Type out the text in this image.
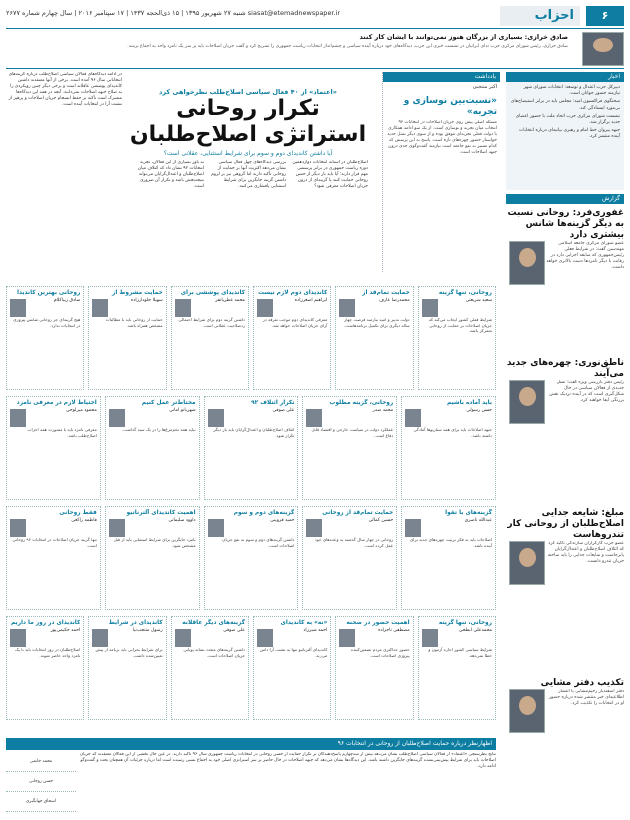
۶
احزاب
شنبه ۲۷ شهریور ۱۳۹۵ | ۱۵ ذی‌الحجه ۱۴۳۷ | ۱۷ سپتامبر ۲۰۱۶ | سال چهارم شماره ۲۶۷۷ siasat@etemadnewspaper.ir
صادق خرازی: بسیاری از بزرگان هنوز نمی‌توانند با ایشان کار کنند
صادق خرازی، رئیس شورای مرکزی حزب ندای ایرانیان در نشست خبری این حزب، دیدگاه‌های خود درباره آینده سیاسی و چشم‌انداز انتخابات ریاست جمهوری را تشریح کرد و گفت جریان اصلاحات باید بر سر یک نامزد واحد به اجماع برسد.
اخبار

دبیرکل حزب اعتدال و توسعه: انتخابات شورای شهر نیازمند حضور جوانان است.

سخنگوی فراکسیون امید: مجلس باید در برابر استیضاح‌های بی‌مورد ایستادگی کند.

نشست شورای مرکزی حزب اتحاد ملت با حضور اعضای جدید برگزار شد.

جبهه پیروان خط امام و رهبری بیانیه‌ای درباره انتخابات آینده منتشر کرد.

گزارش
غفوری‌فرد: روحانی نسبت به دیگر گزینه‌ها شانس بیشتری دارد
عضو شورای مرکزی جامعه اسلامی مهندسین گفت: در شرایط فعلی رئیس‌جمهوری که سابقه اجرایی دارد در رقابت با دیگر نامزدها دست بالاتری خواهد داشت.
ناطق‌نوری: چهره‌های جدید می‌آیند
رئیس دفتر بازرسی ویژه گفت: نسل جدیدی از فعالان سیاسی در حال شکل‌گیری است که در آینده نزدیک نقش پررنگی ایفا خواهند کرد.
مبلغ: شایعه جدایی اصلاح‌طلبان از روحانی کار تندروهاست
عضو حزب کارگزاران سازندگی تأکید کرد که ائتلاف اصلاح‌طلبان و اعتدال‌گرایان پابرجاست و شایعات جدایی را باید ساخته جریان تندرو دانست.
تکذیب دفتر مشایی
دفتر اسفندیار رحیم‌مشایی با انتشار اطلاعیه‌ای خبر منتشر شده درباره حضور او در انتخابات را تکذیب کرد.
یادداشت
اکبر منتجبی
«نسبت‌بین نوسازی و تجربه»
مسئله اصلی پیش روی جریان اصلاحات در انتخابات ۹۶ انتخاب میان تجربه و نوسازی است. از یک سو ادامه همکاری با دولت فعلی تجربه‌ای موفق بوده و از سوی دیگر نسل جدید خواستار حضور چهره‌های تازه است. پاسخ به این پرسش که کدام مسیر به نفع جامعه است نیازمند گفت‌وگوی جدی درون جبهه اصلاحات است.
«اعتماد» از ۴۰ فعال سیاسی اصلاح‌طلب نظرخواهی کرد
تکرار روحانی استراتژی اصلاح‌طلبان
آیا داشتن کاندیدای دوم و سوم برای شرایط استثنایی، عقلانی است؟
اصلاح‌طلبان در آستانه انتخابات دوازدهمین دوره ریاست جمهوری در برابر پرسشی مهم قرار دارند؛ آیا باید بار دیگر از حسن روحانی حمایت کنند یا گزینه‌ای از درون جریان اصلاحات معرفی شود؟
بررسی دیدگاه‌های چهل فعال سیاسی نشان می‌دهد اکثریت آنها بر حمایت از روحانی تأکید دارند اما گروهی نیز بر لزوم داشتن گزینه جایگزین برای شرایط استثنایی پافشاری می‌کنند.
به باور بسیاری از این فعالان، تجربه انتخابات ۹۲ نشان داد که ائتلاف میان اصلاح‌طلبان و اعتدال‌گرایان می‌تواند نتیجه‌بخش باشد و تکرار آن ضروری است.
در ادامه دیدگاه‌های فعالان سیاسی اصلاح‌طلب درباره گزینه‌های انتخاباتی سال ۹۶ آمده است. برخی از آنها معتقدند داشتن کاندیدای پوششی عاقلانه است و برخی دیگر چنین رویکردی را به صلاح جبهه اصلاحات نمی‌دانند. آنچه در همه این دیدگاه‌ها مشترک است تأکید بر حفظ انسجام جریان اصلاحات و پرهیز از تشتت آرا در انتخابات آینده است.
روحانی، تنها گزینه
سعید شریعتی
شرایط فعلی کشور ایجاب می‌کند که جریان اصلاحات بر حمایت از روحانی متمرکز باشد.
حمایت تمام‌قد از
محمدرضا عارف
دولت تدبیر و امید نیازمند فرصت چهار ساله دیگری برای تکمیل برنامه‌هاست.
کاندیدای دوم لازم نیست
ابراهیم اصغرزاده
معرفی کاندیدای دوم موجب تفرقه در آرای جریان اصلاحات خواهد شد.
کاندیدای پوششی برای
محمد عطریانفر
داشتن گزینه دوم برای شرایط احتمالی ردصلاحیت عقلانی است.
حمایت مشروط از
سهیلا جلودارزاده
حمایت از روحانی باید با مطالبات مشخص همراه باشد.
روحانی بهترین کاندیدا
صادق زیباکلام
هیچ گزینه‌ای جز روحانی شانس پیروزی در انتخابات ندارد.
باید آماده باشیم
حسن رسولی
جبهه اصلاحات باید برای همه سناریوها آمادگی داشته باشد.
روحانی، گزینه مطلوب
محمد صدر
عملکرد دولت در سیاست خارجی و اقتصاد قابل دفاع است.
تکرار ائتلاف ۹۲
علی صوفی
ائتلاف اصلاح‌طلبان و اعتدال‌گرایان باید بار دیگر تکرار شود.
محتاط‌تر عمل کنیم
شهربانو امانی
نباید همه تخم‌مرغ‌ها را در یک سبد گذاشت.
احتیاط لازم در معرفی نامزد
محمود میرلوحی
معرفی نامزد باید با مشورت همه احزاب اصلاح‌طلب باشد.
گزینه‌های با تقوا
عبدالله ناصری
اصلاحات باید به فکر تربیت چهره‌های جدید برای آینده باشد.
حمایت تمام‌قد از روحانی
حسین کمالی
روحانی در چهار سال گذشته به وعده‌های خود عمل کرده است.
گزینه‌های دوم و سوم
حمید قزوینی
داشتن گزینه‌های دوم و سوم به نفع جریان اصلاحات است.
اهمیت کاندیدای آلترناتیو
داوود سلیمانی
نامزد جایگزین برای شرایط استثنایی باید از قبل مشخص شود.
فقط روحانی
فاطمه راکعی
تنها گزینه جریان اصلاحات در انتخابات ۹۶ روحانی است.
روحانی، تنها گزینه
محمدعلی ابطحی
شرایط سیاسی کشور اجازه آزمون و خطا نمی‌دهد.
اهمیت حضور در صحنه
مصطفی تاجزاده
حضور حداکثری مردم تضمین‌کننده پیروزی اصلاحات است.
«نه» به کاندیدای
احمد شیرزاد
کاندیدای آلترناتیو تنها به تشتت آرا دامن می‌زند.
گزینه‌های دیگر عاقلانه
علی صوفی
داشتن گزینه‌های متعدد نشانه پویایی جریان اصلاحات است.
کاندیدای در شرایط
رسول منتجب‌نیا
برای شرایط بحرانی باید برنامه از پیش تعیین‌شده داشت.
کاندیدای در روز ما داریم
احمد حکیمی‌پور
اصلاح‌طلبان در روز انتخابات باید با یک نامزد واحد حاضر شوند.
اظهارنظر درباره حمایت اصلاح‌طلبان از روحانی در انتخابات ۹۶
نتایج نظرسنجی «اعتماد» از فعالان سیاسی اصلاح‌طلب نشان می‌دهد بیش از سه‌چهارم پاسخ‌دهندگان بر تکرار حمایت از حسن روحانی در انتخابات ریاست جمهوری سال ۹۶ تأکید دارند. در عین حال بخشی از این فعالان معتقدند که جریان اصلاحات باید برای شرایط پیش‌بینی‌نشده گزینه‌های جایگزین داشته باشد. این دیدگاه‌ها نشان می‌دهد که جبهه اصلاحات در حال حاضر بر سر استراتژی اصلی خود به اجماع نسبی رسیده است اما درباره جزئیات آن همچنان بحث و گفت‌وگو ادامه دارد.
محمد خاتمی
حسن روحانی
اسحاق جهانگیری
